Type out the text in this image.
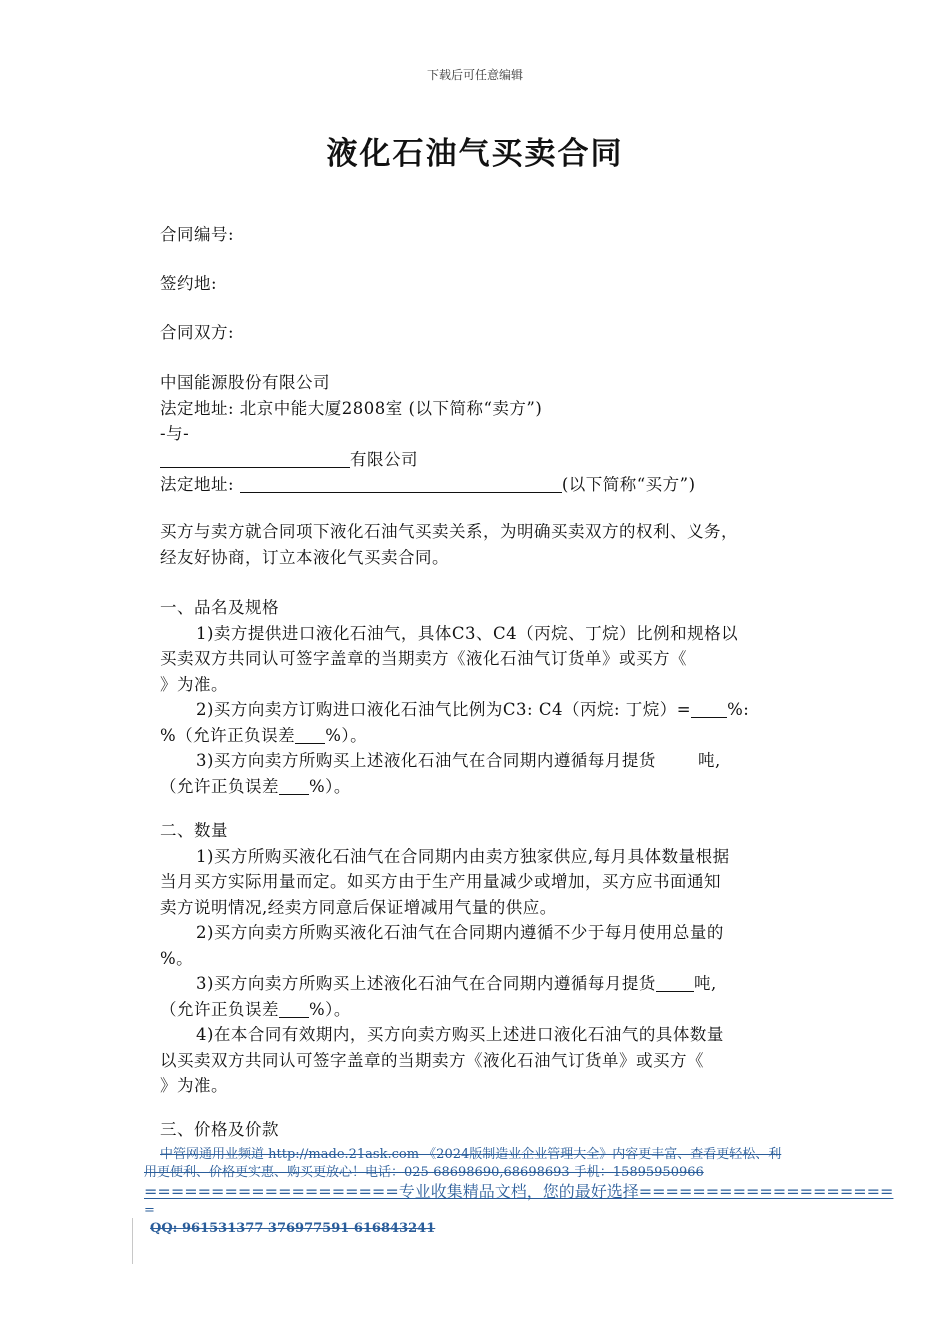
下载后可任意编辑
液化石油气买卖合同
合同编号:
签约地:
合同双方:
中国能源股份有限公司
法定地址: 北京中能大厦2808室 (以下简称“卖方”)
-与-
有限公司
法定地址:	(以下简称“买方”)
买方与卖方就合同项下液化石油气买卖关系，为明确买卖双方的权利、义务，
经友好协商，订立本液化气买卖合同。
一、品名及规格
1)卖方提供进口液化石油气，具体C3、C4（丙烷、丁烷）比例和规格以
买卖双方共同认可签字盖章的当期卖方《液化石油气订货单》或买方《
》为准。
2)买方向卖方订购进口液化石油气比例为C3: C4（丙烷: 丁烷）= %:
%（允许正负误差 %）。
3)买方向卖方所购买上述液化石油气在合同期内遵循每月提货	吨,
（允许正负误差 %）。
二、数量
1)买方所购买液化石油气在合同期内由卖方独家供应,每月具体数量根据
当月买方实际用量而定。如买方由于生产用量减少或增加，买方应书面通知
卖方说明情况,经卖方同意后保证增减用气量的供应。
2)买方向卖方所购买液化石油气在合同期内遵循不少于每月使用总量的
%。
3)买方向卖方所购买上述液化石油气在合同期内遵循每月提货 吨,
（允许正负误差 %）。
4)在本合同有效期内，买方向卖方购买上述进口液化石油气的具体数量
以买卖双方共同认可签字盖章的当期卖方《液化石油气订货单》或买方《
》为准。
三、价格及价款
中管网通用业频道 http://made.21ask.com 《2024版制造业企业管理大全》内容更丰富、查看更轻松、利
用更便利、价格更实惠、购买更放心！电话：025-68698690,68698693 手机：15895950966
===================专业收集精品文档，您的最好选择===================
=
QQ: 961531377 376977591 616843241
